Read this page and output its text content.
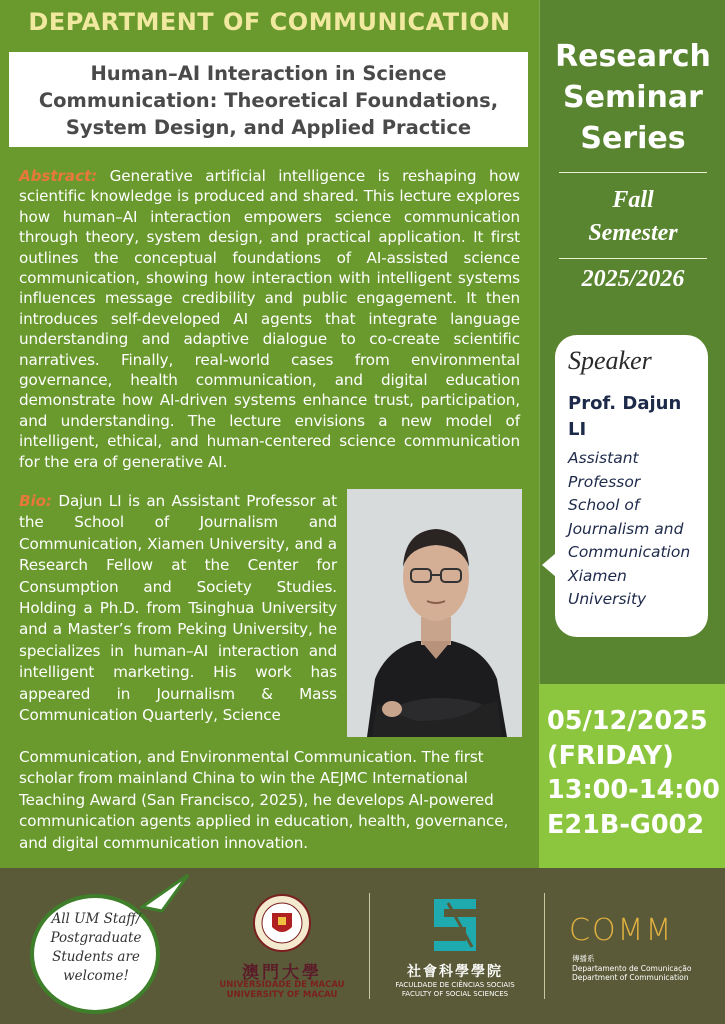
Research
Seminar
Series
Fall
Semester
2025/2026
DEPARTMENT OF COMMUNICATION
Human–AI Interaction in Science
Communication: Theoretical Foundations,
System Design, and Applied Practice
Abstract: Generative artificial intelligence is reshaping how scientific knowledge is produced and shared. This lecture explores how human–AI interaction empowers science communication through theory, system design, and practical application. It first outlines the conceptual foundations of AI-assisted science communication, showing how interaction with intelligent systems influences message credibility and public engagement. It then introduces self-developed AI agents that integrate language understanding and adaptive dialogue to co-create scientific narratives. Finally, real-world cases from environmental governance, health communication, and digital education demonstrate how AI-driven systems enhance trust, participation, and understanding. The lecture envisions a new model of intelligent, ethical, and human-centered science communication for the era of generative AI.
Bio: Dajun LI is an Assistant Professor at the School of Journalism and Communication, Xiamen University, and a Research Fellow at the Center for Consumption and Society Studies. Holding a Ph.D. from Tsinghua University and a Master’s from Peking University, he specializes in human–AI interaction and intelligent marketing. His work has appeared in Journalism & Mass Communication Quarterly, Science
Communication, and Environmental Communication. The first scholar from mainland China to win the AEJMC International Teaching Award (San Francisco, 2025), he develops AI-powered communication agents applied in education, health, governance, and digital communication innovation.
Speaker
Prof. Dajun LI
Assistant
Professor
School of
Journalism and
Communication
Xiamen
University
05/12/2025
(FRIDAY)
13:00-14:00
E21B-G002
All UM Staff/
Postgraduate
Students are
welcome!	澳門大學
UNIVERSIDADE DE MACAU
UNIVERSITY OF MACAU
社會科學學院
FACULDADE DE CIÊNCIAS SOCIAIS
FACULTY OF SOCIAL SCIENCES
COMM
傳播系
Departamento de Comunicação
Department of Communication
